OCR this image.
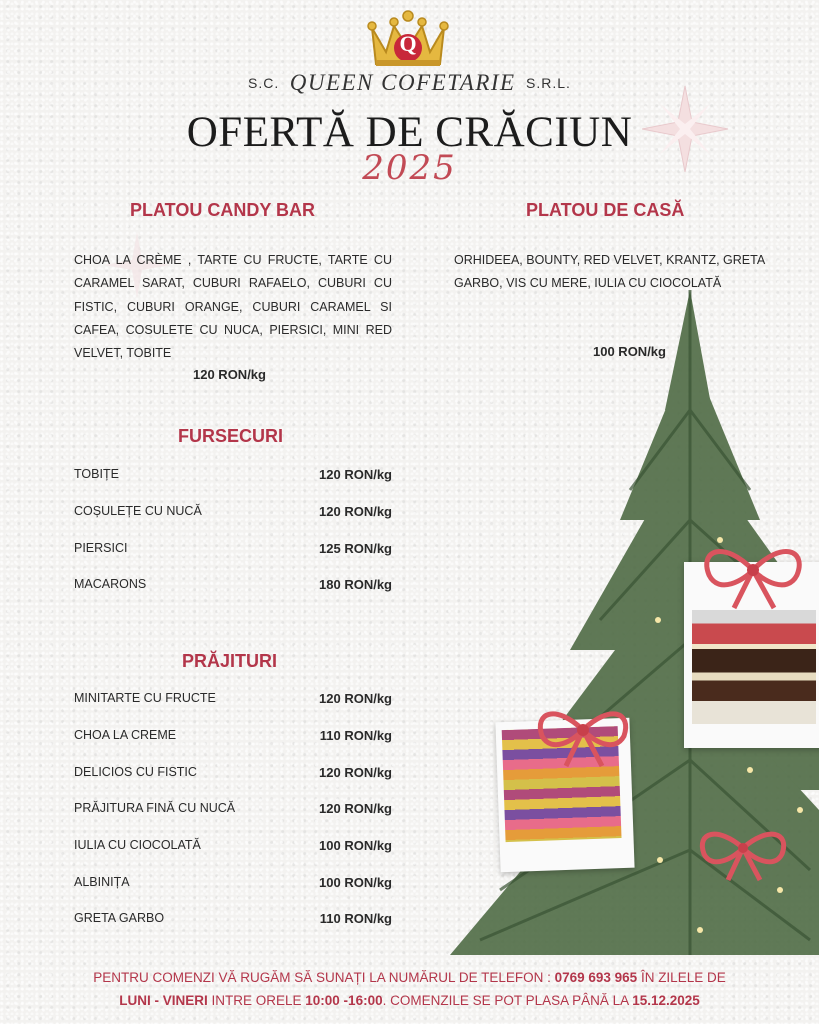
Q
S.C. QUEEN COFETARIE S.R.L.
OFERTĂ DE CRĂCIUN
2025
PLATOU CANDY BAR
CHOA LA CRÈME , TARTE CU FRUCTE, TARTE CU CARAMEL SARAT, CUBURI RAFAELO, CUBURI CU FISTIC, CUBURI ORANGE, CUBURI CARAMEL SI CAFEA, COSULETE CU NUCA, PIERSICI, MINI RED VELVET, TOBITE
120 RON/kg
PLATOU DE CASĂ
ORHIDEEA, BOUNTY, RED VELVET, KRANTZ, GRETA GARBO, VIS CU MERE, IULIA CU CIOCOLATĂ
100 RON/kg
FURSECURI
TOBIȚE	120 RON/kg
COȘULEȚE CU NUCĂ	120 RON/kg
PIERSICI	125 RON/kg
MACARONS	180 RON/kg
PRĂJITURI
MINITARTE CU FRUCTE	120 RON/kg
CHOA LA CREME	110 RON/kg
DELICIOS CU FISTIC	120 RON/kg
PRĂJITURA FINĂ CU NUCĂ	120 RON/kg
IULIA CU CIOCOLATĂ	100 RON/kg
ALBINIȚA	100 RON/kg
GRETA GARBO	110 RON/kg
PENTRU COMENZI VĂ RUGĂM SĂ SUNAȚI LA NUMĂRUL DE TELEFON : 0769 693 965 ÎN ZILELE DE
LUNI - VINERI INTRE ORELE 10:00 -16:00. COMENZILE SE POT PLASA PÂNĂ LA 15.12.2025
